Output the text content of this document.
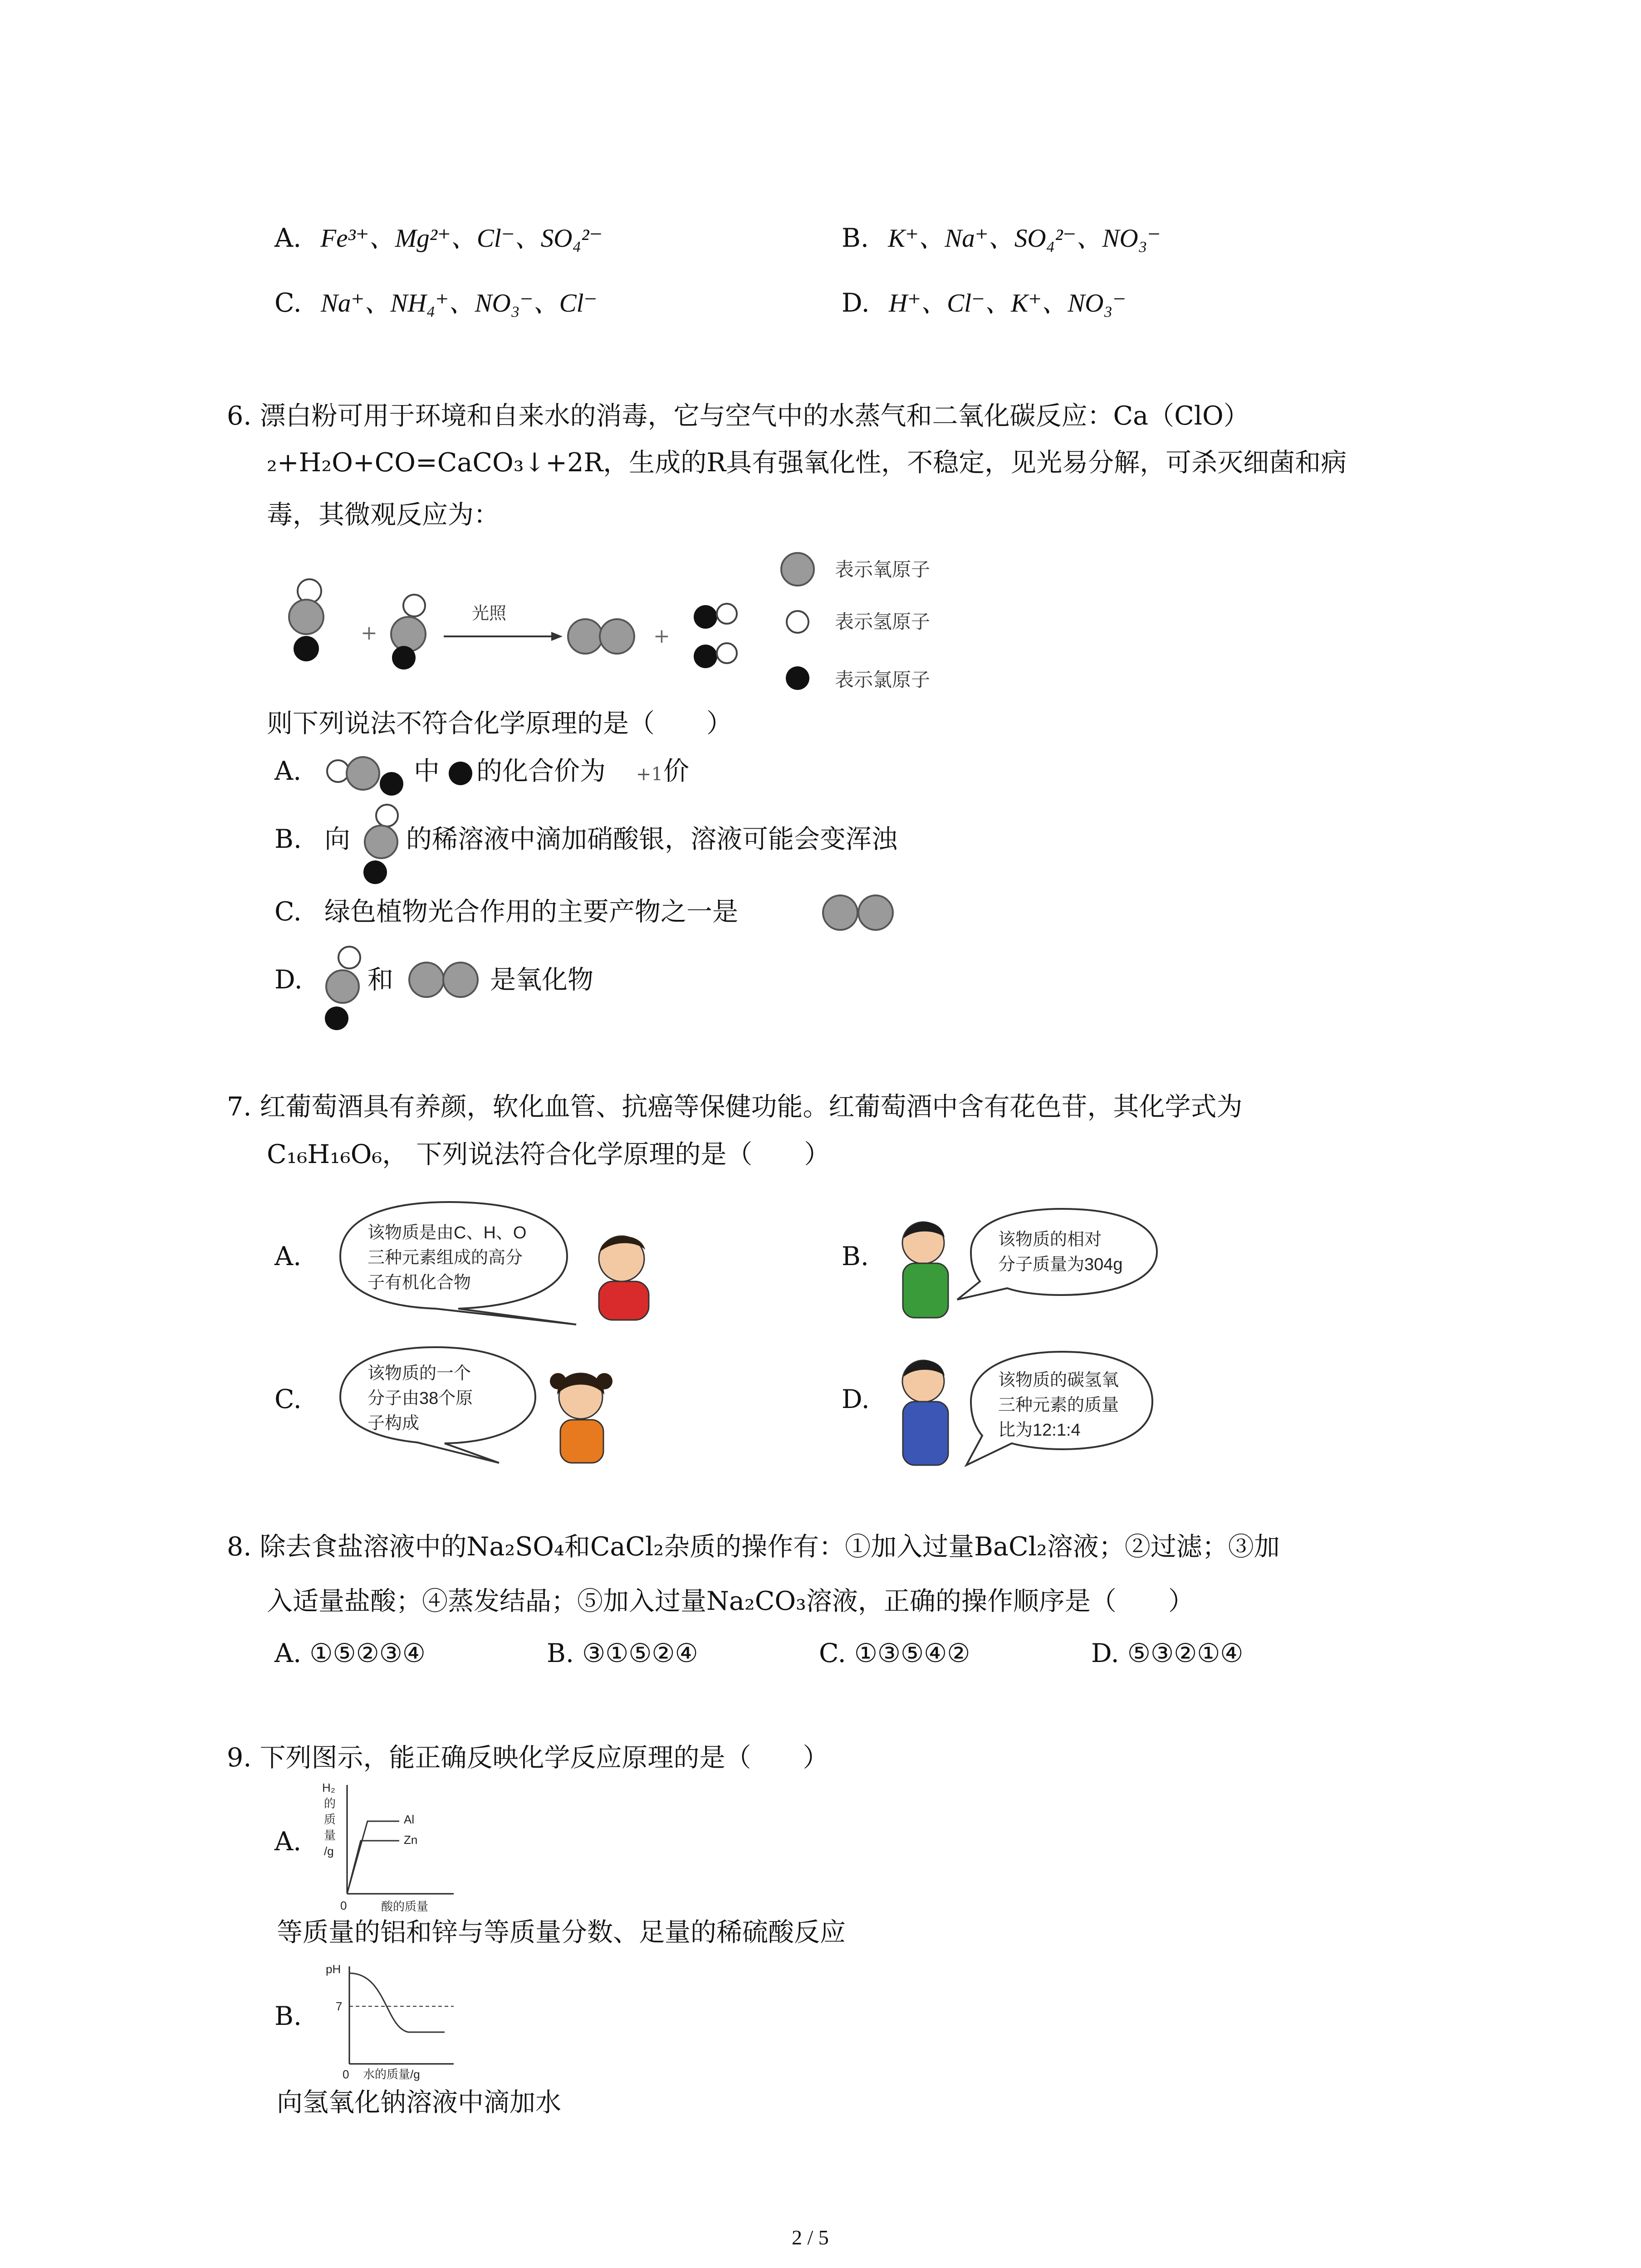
A. Fe³⁺、Mg²⁺、Cl⁻、SO₄²⁻	B. K⁺、Na⁺、SO₄²⁻、NO₃⁻
C. Na⁺、NH₄⁺、NO₃⁻、Cl⁻	D. H⁺、Cl⁻、K⁺、NO₃⁻
6. 漂白粉可用于环境和自来水的消毒，它与空气中的水蒸气和二氧化碳反应：Ca（ClO）
₂+H₂O+CO=CaCO₃↓+2R，生成的R具有强氧化性，不稳定，见光易分解，可杀灭细菌和病
毒，其微观反应为：
+
光照
+
表示氧原子
表示氢原子
表示氯原子
则下列说法不符合化学原理的是（　　）
A.	中 的化合价为 +1 价
B. 向 的稀溶液中滴加硝酸银，溶液可能会变浑浊
C. 绿色植物光合作用的主要产物之一是
D.	和	是氧化物
7. 红葡萄酒具有养颜，软化血管、抗癌等保健功能。红葡萄酒中含有花色苷，其化学式为
C₁₆H₁₆O₆， 下列说法符合化学原理的是（　　）
A.
该物质是由C、H、O
三种元素组成的高分
子有机化合物
B.
该物质的相对
分子质量为304g
C.
该物质的一个
分子由38个原
子构成
D.
该物质的碳氢氧
三种元素的质量
比为12:1:4
8. 除去食盐溶液中的Na₂SO₄和CaCl₂杂质的操作有：①加入过量BaCl₂溶液；②过滤；③加
入适量盐酸；④蒸发结晶；⑤加入过量Na₂CO₃溶液，正确的操作顺序是（　　）
A. ①⑤②③④	B. ③①⑤②④	C. ①③⑤④②	D. ⑤③②①④
9. 下列图示，能正确反映化学反应原理的是（　　）
A.
H₂
的
质
量
/g
0	酸的质量
Al
Zn
等质量的铝和锌与等质量分数、足量的稀硫酸反应
B.
pH
7
0 水的质量/g
向氢氧化钠溶液中滴加水
2 / 5
